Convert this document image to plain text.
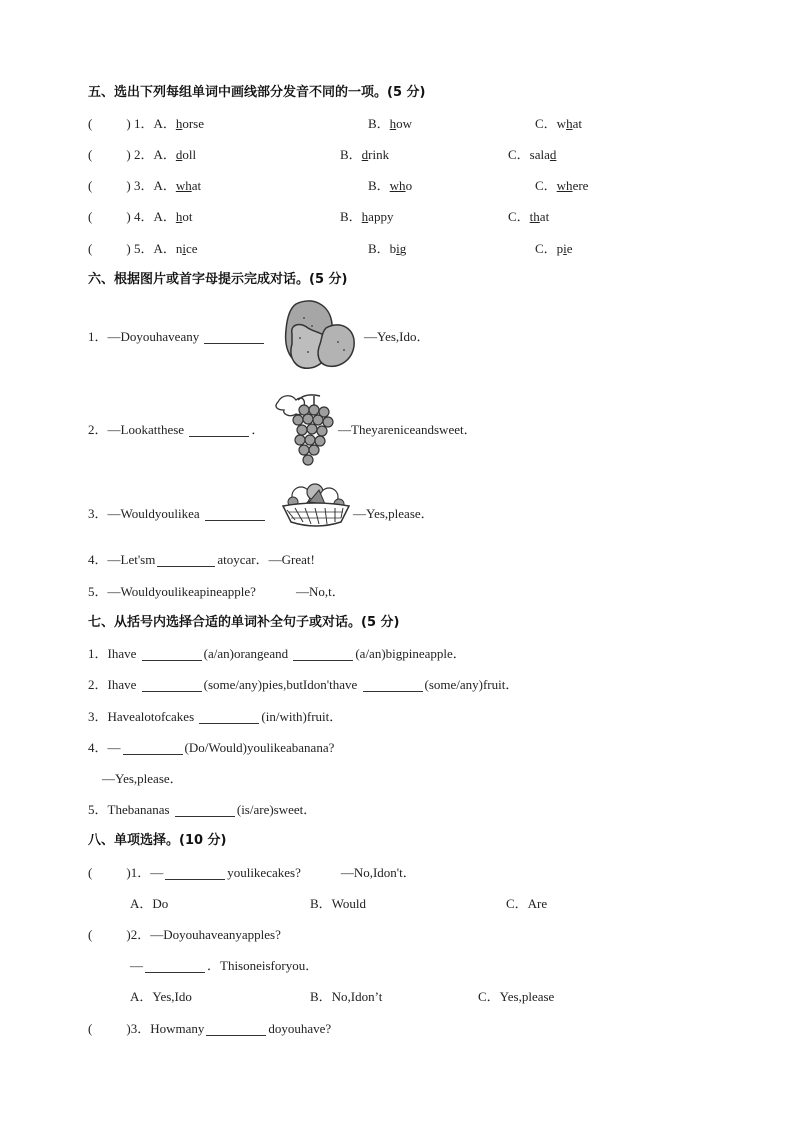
五、选出下列每组单词中画线部分发音不同的一项。(5 分)
(	) 1．A．horse	B．how	C．what
(	) 2．A．doll	B．drink	C．salad
(	) 3．A．what	B．who	C．where
(	) 4．A．hot	B．happy	C．that
(	) 5．A．nice	B．big	C．pie
六、根据图片或首字母提示完成对话。(5 分)
1．—Doyouhaveany	—Yes,Ido．
2．—Lookatthese	．	—Theyareniceandsweet．
3．—Wouldyoulikea	—Yes,please．
4．—Let'sm	atoycar．—Great!
5．—Wouldyoulikeapineapple?	—No,t．
七、从括号内选择合适的单词补全句子或对话。(5 分)
1．Ihave	(a/an)orangeand	(a/an)bigpineapple．
2．Ihave	(some/any)pies,butIdon'thave	(some/any)fruit．
3．Havealotofcakes	(in/with)fruit．
4．—	(Do/Would)youlikeabanana?
—Yes,please．
5．Thebananas	(is/are)sweet．
八、单项选择。(10 分)
(	)1．—	youlikecakes?	—No,Idon't．
A．Do	B．Would	C．Are
(	)2．—Doyouhaveanyapples?
—	．Thisoneisforyou．
A．Yes,Ido	B．No,Idon’t	C．Yes,please
(	)3．Howmany	doyouhave?
